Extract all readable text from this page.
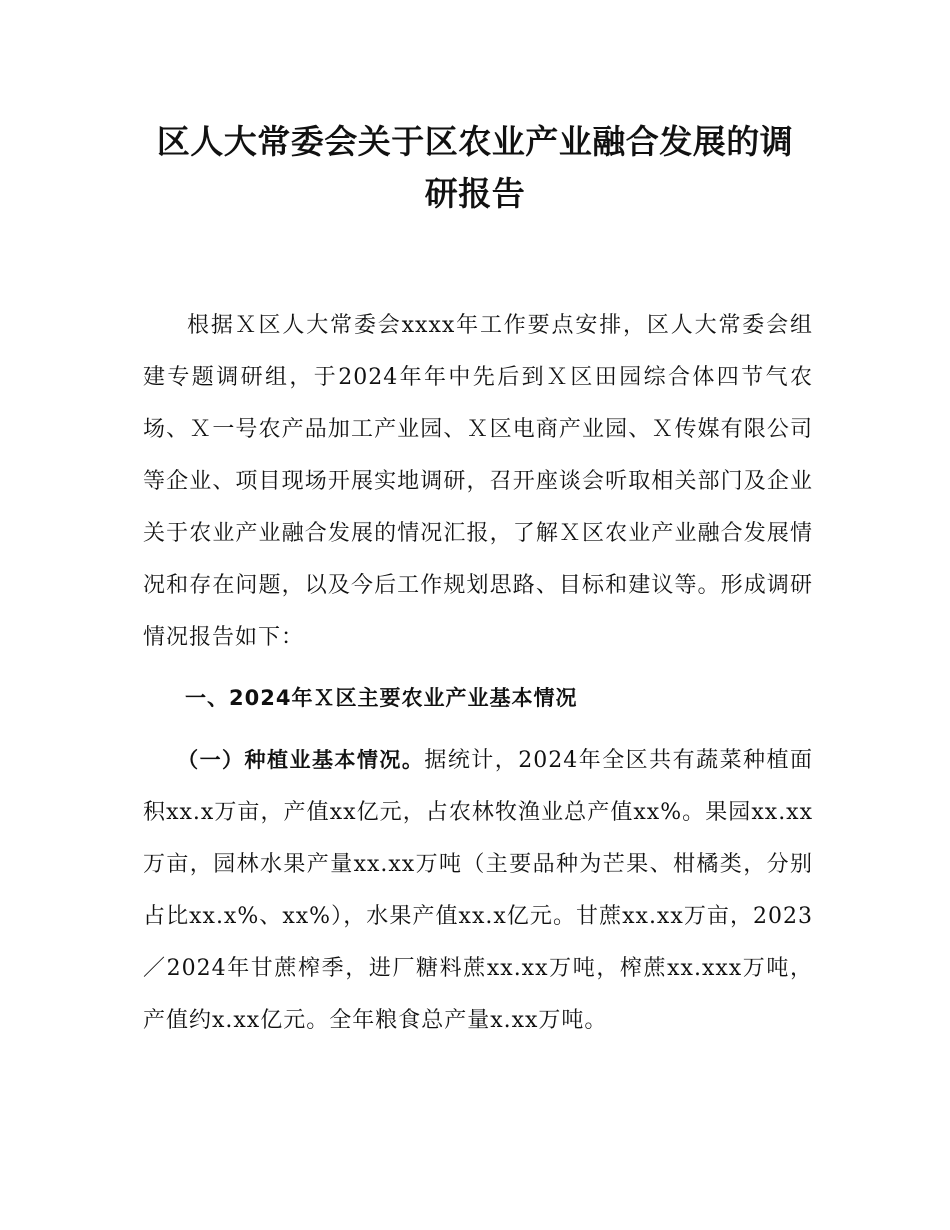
区人大常委会关于区农业产业融合发展的调
研报告

根据Ｘ区人大常委会xxxx年工作要点安排，区人大常委会组建专题调研组，于2024年年中先后到Ｘ区田园综合体四节气农场、Ｘ一号农产品加工产业园、Ｘ区电商产业园、Ｘ传媒有限公司等企业、项目现场开展实地调研，召开座谈会听取相关部门及企业关于农业产业融合发展的情况汇报，了解Ｘ区农业产业融合发展情况和存在问题，以及今后工作规划思路、目标和建议等。形成调研情况报告如下：

一、2024年Ｘ区主要农业产业基本情况

（一）种植业基本情况。据统计，2024年全区共有蔬菜种植面积xx.x万亩，产值xx亿元，占农林牧渔业总产值xx%。果园xx.xx万亩，园林水果产量xx.xx万吨（主要品种为芒果、柑橘类，分别占比xx.x%、xx%），水果产值xx.x亿元。甘蔗xx.xx万亩，2023／2024年甘蔗榨季，进厂糖料蔗xx.xx万吨，榨蔗xx.xxx万吨，产值约x.xx亿元。全年粮食总产量x.xx万吨。
